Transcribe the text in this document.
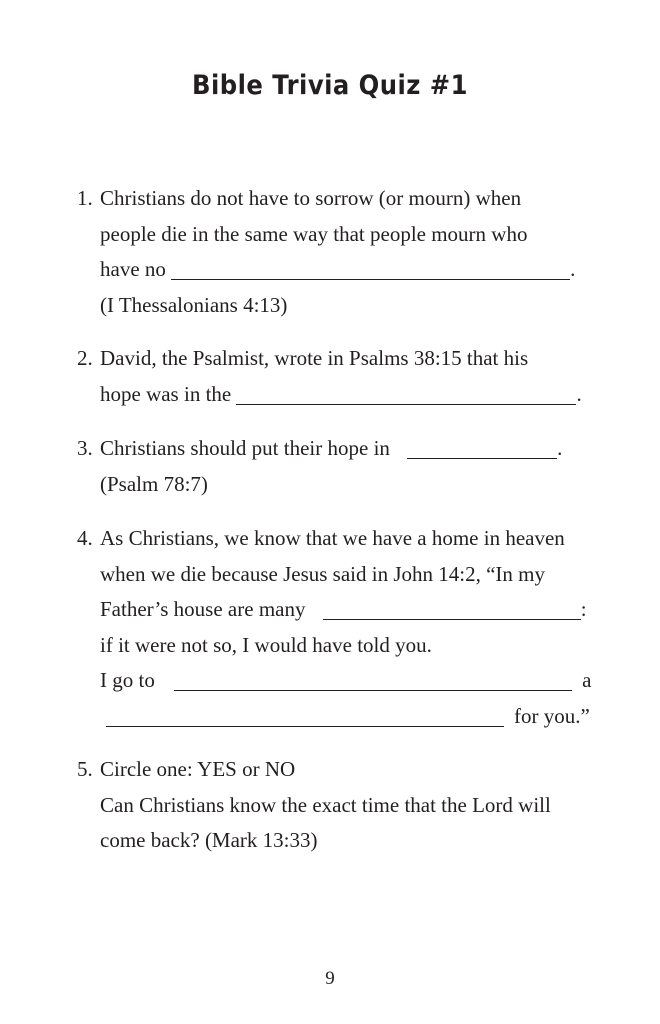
Bible Trivia Quiz #1
1. Christians do not have to sorrow (or mourn) when
people die in the same way that people mourn who
have no	.
(I Thessalonians 4:13)
2. David, the Psalmist, wrote in Psalms 38:15 that his
hope was in the	.
3. Christians should put their hope in	.
(Psalm 78:7)
4. As Christians, we know that we have a home in heaven
when we die because Jesus said in John 14:2, “In my
Father’s house are many	:
if it were not so, I would have told you.
I go to	a
for you.”
5. Circle one: YES or NO
Can Christians know the exact time that the Lord will
come back? (Mark 13:33)
9
